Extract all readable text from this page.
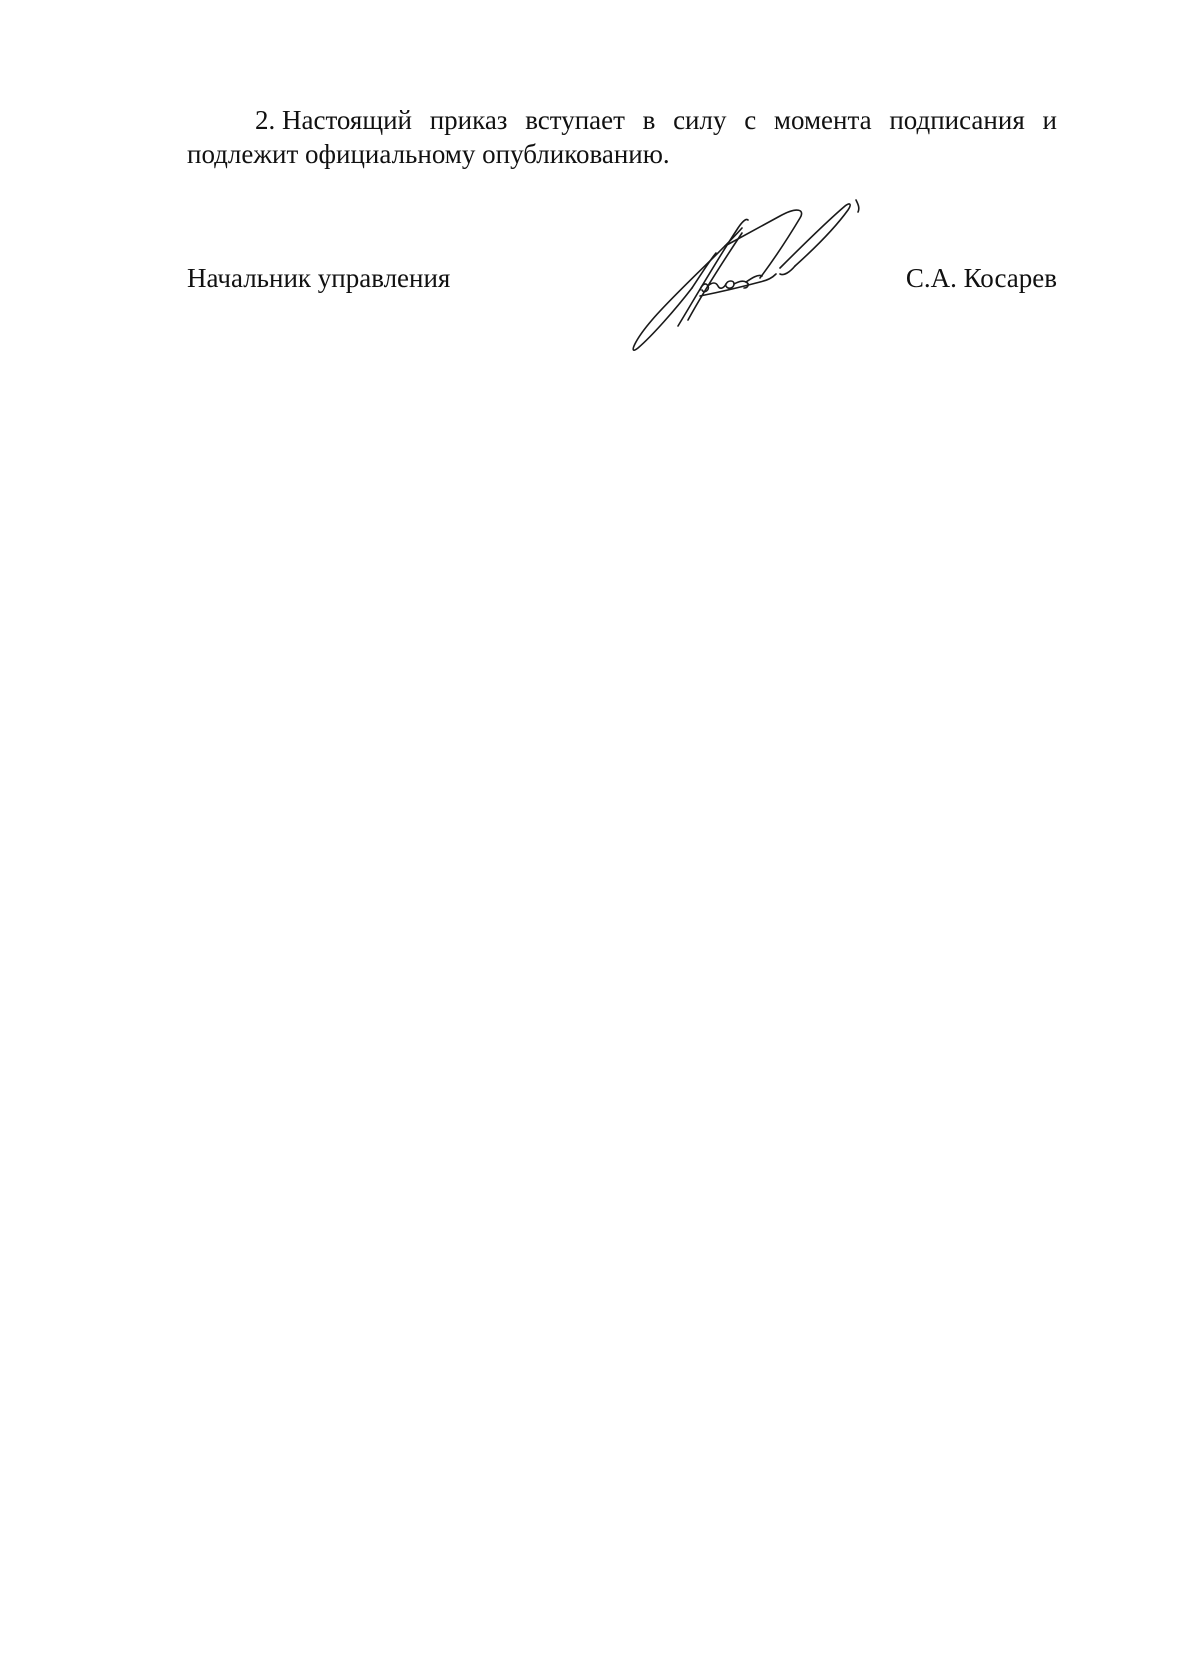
2. Настоящий приказ вступает в силу с момента подписания и
подлежит официальному опубликованию.
Начальник управления	С.А. Косарев
